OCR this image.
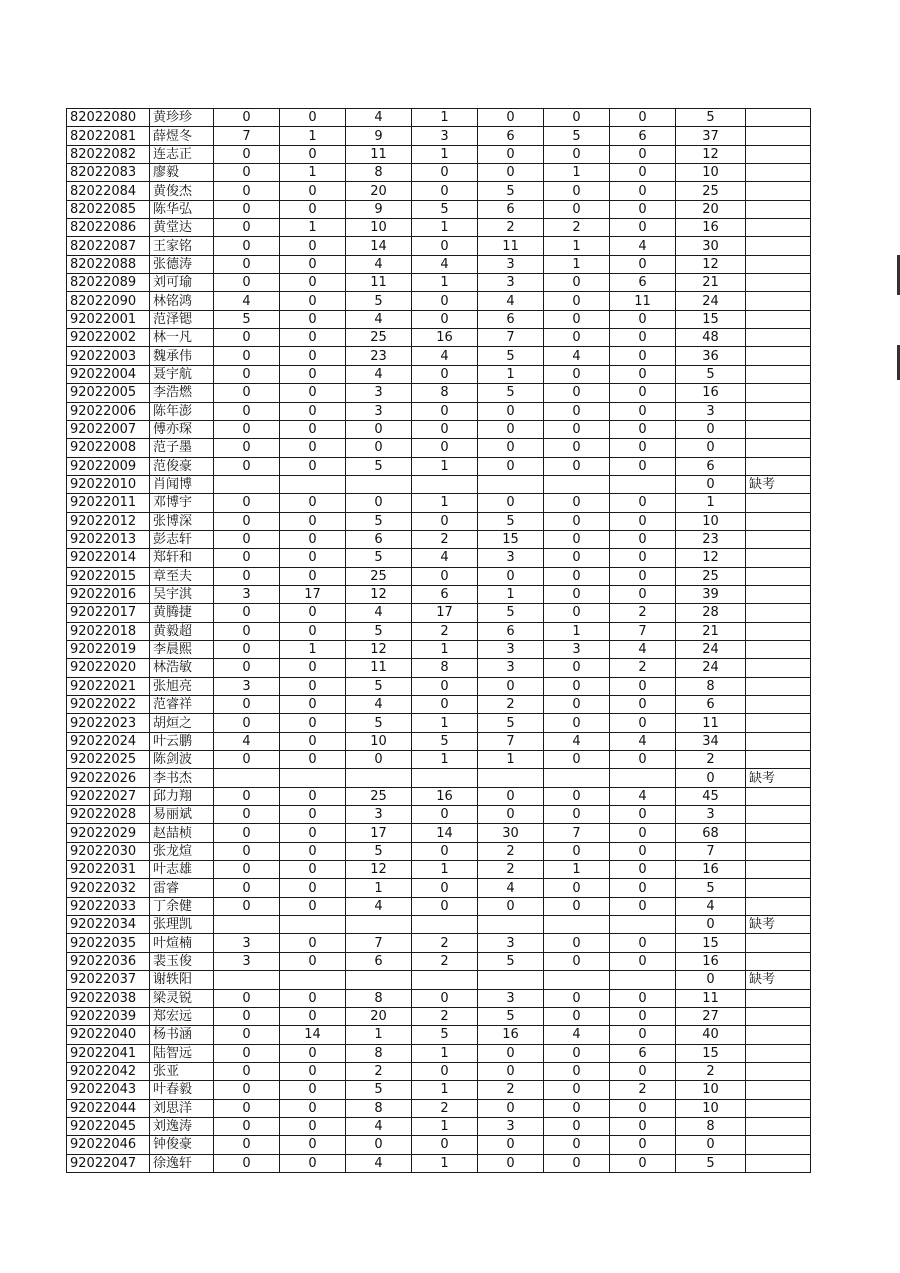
82022080	黄珍珍	0	0	4	1	0	0	0	5	
82022081	薛煜冬	7	1	9	3	6	5	6	37	
82022082	连志正	0	0	11	1	0	0	0	12	
82022083	廖毅	0	1	8	0	0	1	0	10	
82022084	黄俊杰	0	0	20	0	5	0	0	25	
82022085	陈华弘	0	0	9	5	6	0	0	20	
82022086	黄堂达	0	1	10	1	2	2	0	16	
82022087	王家铭	0	0	14	0	11	1	4	30	
82022088	张德涛	0	0	4	4	3	1	0	12	
82022089	刘可瑜	0	0	11	1	3	0	6	21	
82022090	林铭鸿	4	0	5	0	4	0	11	24	
92022001	范泽锶	5	0	4	0	6	0	0	15	
92022002	林一凡	0	0	25	16	7	0	0	48	
92022003	魏承伟	0	0	23	4	5	4	0	36	
92022004	聂宇航	0	0	4	0	1	0	0	5	
92022005	李浩燃	0	0	3	8	5	0	0	16	
92022006	陈年澎	0	0	3	0	0	0	0	3	
92022007	傅亦琛	0	0	0	0	0	0	0	0	
92022008	范子墨	0	0	0	0	0	0	0	0	
92022009	范俊豪	0	0	5	1	0	0	0	6	
92022010	肖闻博								0	缺考
92022011	邓博宇	0	0	0	1	0	0	0	1	
92022012	张博深	0	0	5	0	5	0	0	10	
92022013	彭志轩	0	0	6	2	15	0	0	23	
92022014	郑轩和	0	0	5	4	3	0	0	12	
92022015	章至夫	0	0	25	0	0	0	0	25	
92022016	吴宇淇	3	17	12	6	1	0	0	39	
92022017	黄腾捷	0	0	4	17	5	0	2	28	
92022018	黄毅超	0	0	5	2	6	1	7	21	
92022019	李晨熙	0	1	12	1	3	3	4	24	
92022020	林浩敏	0	0	11	8	3	0	2	24	
92022021	张旭亮	3	0	5	0	0	0	0	8	
92022022	范睿祥	0	0	4	0	2	0	0	6	
92022023	胡烜之	0	0	5	1	5	0	0	11	
92022024	叶云鹏	4	0	10	5	7	4	4	34	
92022025	陈剑波	0	0	0	1	1	0	0	2	
92022026	李书杰								0	缺考
92022027	邱力翔	0	0	25	16	0	0	4	45	
92022028	易丽斌	0	0	3	0	0	0	0	3	
92022029	赵喆桢	0	0	17	14	30	7	0	68	
92022030	张龙煊	0	0	5	0	2	0	0	7	
92022031	叶志雄	0	0	12	1	2	1	0	16	
92022032	雷睿	0	0	1	0	4	0	0	5	
92022033	丁余健	0	0	4	0	0	0	0	4	
92022034	张理凯								0	缺考
92022035	叶煊楠	3	0	7	2	3	0	0	15	
92022036	裴玉俊	3	0	6	2	5	0	0	16	
92022037	谢轶阳								0	缺考
92022038	梁灵锐	0	0	8	0	3	0	0	11	
92022039	郑宏远	0	0	20	2	5	0	0	27	
92022040	杨书涵	0	14	1	5	16	4	0	40	
92022041	陆智远	0	0	8	1	0	0	6	15	
92022042	张亚	0	0	2	0	0	0	0	2	
92022043	叶春毅	0	0	5	1	2	0	2	10	
92022044	刘思洋	0	0	8	2	0	0	0	10	
92022045	刘逸涛	0	0	4	1	3	0	0	8	
92022046	钟俊豪	0	0	0	0	0	0	0	0	
92022047	徐逸轩	0	0	4	1	0	0	0	5	
